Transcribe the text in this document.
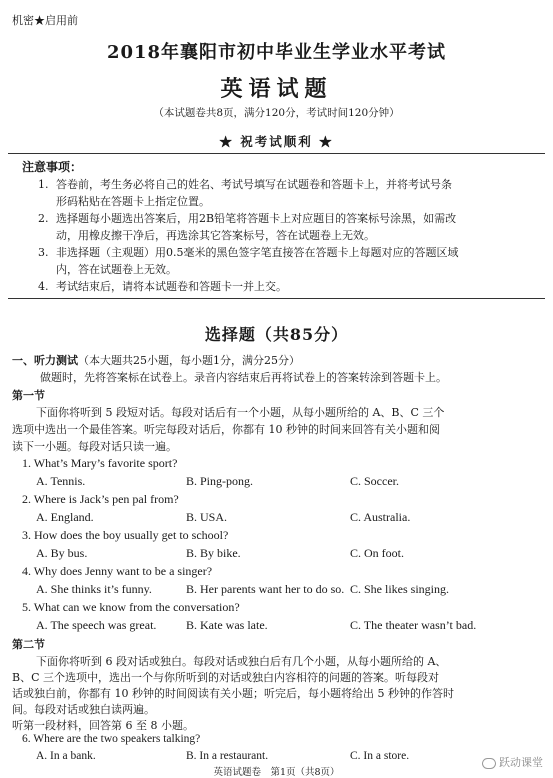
机密★启用前
2018年襄阳市初中毕业生学业水平考试
英语试题
（本试题卷共8页，满分120分，考试时间120分钟）
★ 祝考试顺利 ★
注意事项：
1. 答卷前，考生务必将自己的姓名、考试号填写在试题卷和答题卡上，并将考试号条
形码粘贴在答题卡上指定位置。
2. 选择题每小题选出答案后，用2B铅笔将答题卡上对应题目的答案标号涂黑，如需改
动，用橡皮擦干净后，再选涂其它答案标号，答在试题卷上无效。
3. 非选择题（主观题）用0.5毫米的黑色签字笔直接答在答题卡上每题对应的答题区域
内，答在试题卷上无效。
4. 考试结束后，请将本试题卷和答题卡一并上交。
选择题（共85分）
一、听力测试（本大题共25小题，每小题1分，满分25分）
做题时，先将答案标在试卷上。录音内容结束后再将试卷上的答案转涂到答题卡上。
第一节
下面你将听到 5 段短对话。每段对话后有一个小题，从每小题所给的 A、B、C 三个
选项中选出一个最佳答案。听完每段对话后，你都有 10 秒钟的时间来回答有关小题和阅
读下一小题。每段对话只读一遍。
1. What’s Mary’s favorite sport?
A. Tennis.	B. Ping-pong.	C. Soccer.
2. Where is Jack’s pen pal from?
A. England.	B. USA.	C. Australia.
3. How does the boy usually get to school?
A. By bus.	B. By bike.	C. On foot.
4. Why does Jenny want to be a singer?
A. She thinks it’s funny.	B. Her parents want her to do so. C. She likes singing.
5. What can we know from the conversation?
A. The speech was great. B. Kate was late.	C. The theater wasn’t bad.
第二节
下面你将听到 6 段对话或独白。每段对话或独白后有几个小题，从每小题所给的 A、
B、C 三个选项中，选出一个与你所听到的对话或独白内容相符的问题的答案。听每段对
话或独白前，你都有 10 秒钟的时间阅读有关小题；听完后，每小题将给出 5 秒钟的作答时
间。每段对话或独白读两遍。
听第一段材料，回答第 6 至 8 小题。
6. Where are the two speakers talking?
A. In a bank.	B. In a restaurant.	C. In a store.
英语试题卷　第1页（共8页）
跃动课堂
